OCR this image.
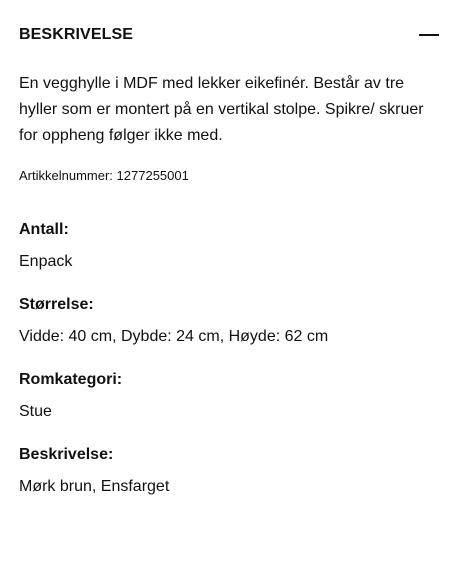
BESKRIVELSE

En vegghylle i MDF med lekker eikefinér. Består av tre hyller som er montert på en vertikal stolpe. Spikre/ skruer for oppheng følger ikke med.

Artikkelnummer: 1277255001
Antall:
Enpack
Størrelse:
Vidde: 40 cm, Dybde: 24 cm, Høyde: 62 cm
Romkategori:
Stue
Beskrivelse:
Mørk brun, Ensfarget
